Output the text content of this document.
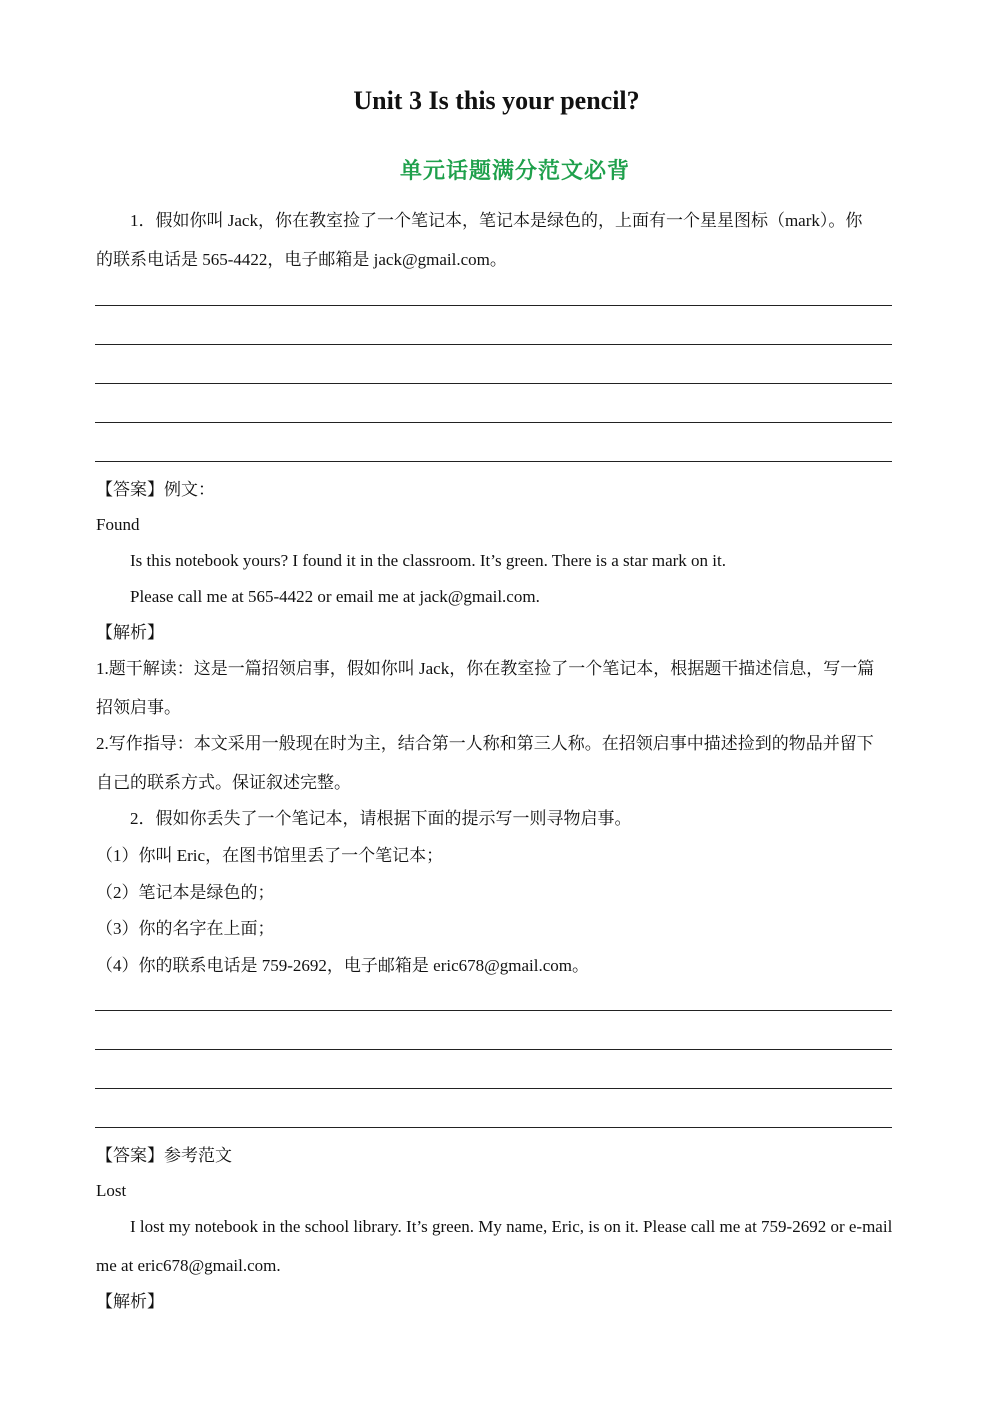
Unit 3 Is this your pencil?
单元话题满分范文必背
1．假如你叫 Jack，你在教室捡了一个笔记本，笔记本是绿色的，上面有一个星星图标（mark）。你
的联系电话是 565-4422，电子邮箱是 jack@gmail.com。
【答案】例文：
Found
Is this notebook yours? I found it in the classroom. It’s green. There is a star mark on it.
Please call me at 565-4422 or email me at jack@gmail.com.
【解析】
1.题干解读：这是一篇招领启事，假如你叫 Jack，你在教室捡了一个笔记本，根据题干描述信息，写一篇
招领启事。
2.写作指导：本文采用一般现在时为主，结合第一人称和第三人称。在招领启事中描述捡到的物品并留下
自己的联系方式。保证叙述完整。
2．假如你丢失了一个笔记本，请根据下面的提示写一则寻物启事。
（1）你叫 Eric，在图书馆里丢了一个笔记本；
（2）笔记本是绿色的；
（3）你的名字在上面；
（4）你的联系电话是 759-2692，电子邮箱是 eric678@gmail.com。
【答案】参考范文
Lost
I lost my notebook in the school library. It’s green. My name, Eric, is on it. Please call me at 759-2692 or e-mail
me at eric678@gmail.com.
【解析】
